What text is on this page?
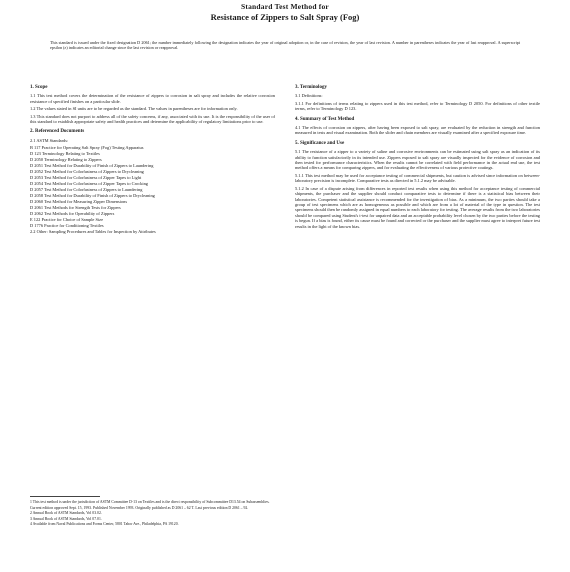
Standard Test Method for
Resistance of Zippers to Salt Spray (Fog)
This standard is issued under the fixed designation D 2061; the number immediately following the designation indicates the year of original adoption or, in the case of revision, the year of last revision. A number in parentheses indicates the year of last reapproval. A superscript epsilon (ε) indicates an editorial change since the last revision or reapproval.
1. Scope
1.1 This test method covers the determination of the resistance of zippers to corrosion in salt spray and includes the relative corrosion resistance of specified finishes on a particular slide.
1.2 The values stated in SI units are to be regarded as the standard. The values in parentheses are for information only.
1.3 This standard does not purport to address all of the safety concerns, if any, associated with its use. It is the responsibility of the user of this standard to establish appropriate safety and health practices and determine the applicability of regulatory limitations prior to use.
2. Referenced Documents
2.1 ASTM Standards:
B 117 Practice for Operating Salt Spray (Fog) Testing Apparatus
D 123 Terminology Relating to Textiles
D 2050 Terminology Relating to Zippers
D 2051 Test Method for Durability of Finish of Zippers to Laundering
D 2052 Test Method for Colorfastness of Zippers to Drycleaning
D 2053 Test Method for Colorfastness of Zipper Tapes to Light
D 2054 Test Method for Colorfastness of Zipper Tapes to Crocking
D 2057 Test Method for Colorfastness of Zippers to Laundering
D 2058 Test Method for Durability of Finish of Zippers to Drycleaning
D 2060 Test Method for Measuring Zipper Dimensions
D 2061 Test Methods for Strength Tests for Zippers
D 2062 Test Methods for Operability of Zippers
E 122 Practice for Choice of Sample Size
D 1776 Practice for Conditioning Textiles
2.2 Other: Sampling Procedures and Tables for Inspection by Attributes
3. Terminology
3.1 Definitions:
3.1.1 For definitions of terms relating to zippers used in this test method, refer to Terminology D 2050. For definitions of other textile terms, refer to Terminology D 123.
4. Summary of Test Method
4.1 The effects of corrosion on zippers, after having been exposed to salt spray, are evaluated by the reduction in strength and function measured in tests and visual examination. Both the slider and chain members are visually examined after a specified exposure time.
5. Significance and Use
5.1 The resistance of a zipper to a variety of saline and corrosive environments can be estimated using salt spray as an indication of its ability to function satisfactorily in its intended use. Zippers exposed to salt spray are visually inspected for the evidence of corrosion and then tested for performance characteristics. When the results cannot be correlated with field performance in the actual end use, the test method offers a means for comparing zippers, and for evaluating the effectiveness of various protective coatings.
5.1.1 This test method may be used for acceptance testing of commercial shipments, but caution is advised since information on between-laboratory precision is incomplete. Comparative tests as directed in 5.1.2 may be advisable.
5.1.2 In case of a dispute arising from differences in reported test results when using this method for acceptance testing of commercial shipments, the purchaser and the supplier should conduct comparative tests to determine if there is a statistical bias between their laboratories. Competent statistical assistance is recommended for the investigation of bias. As a minimum, the two parties should take a group of test specimens which are as homogeneous as possible and which are from a lot of material of the type in question. The test specimens should then be randomly assigned in equal numbers to each laboratory for testing. The average results from the two laboratories should be compared using Student's t-test for unpaired data and an acceptable probability level chosen by the two parties before the testing is begun. If a bias is found, either its cause must be found and corrected or the purchaser and the supplier must agree to interpret future test results in the light of the known bias.
1 This test method is under the jurisdiction of ASTM Committee D-13 on Textiles and is the direct responsibility of Subcommittee D13.54 on Subassemblies.
Current edition approved Sept. 15, 1993. Published November 1993. Originally published as D 2061 – 62 T. Last previous edition D 2061 – 92.
2 Annual Book of ASTM Standards, Vol 03.02.
3 Annual Book of ASTM Standards, Vol 07.01.
4 Available from Naval Publications and Forms Center, 5801 Tabor Ave., Philadelphia, PA 19120.
